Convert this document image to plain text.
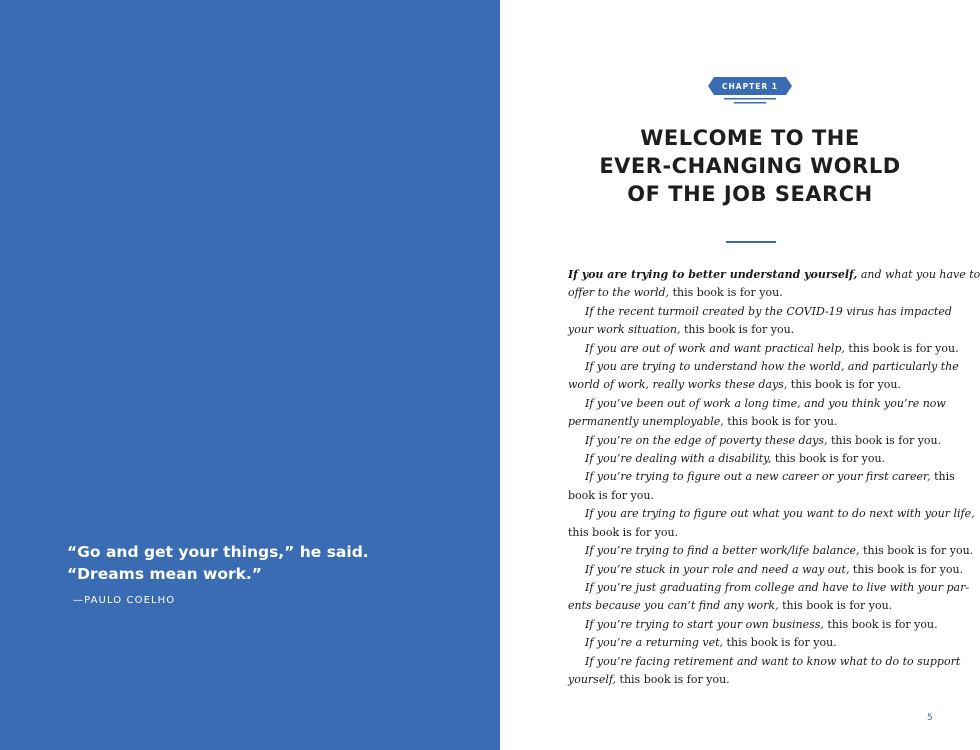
“Go and get your things,” he said.
“Dreams mean work.”
—PAULO COELHO
CHAPTER 1
WELCOME TO THE
EVER-CHANGING WORLD
OF THE JOB SEARCH
If you are trying to better understand yourself, and what you have to
offer to the world, this book is for you.
If the recent turmoil created by the COVID-19 virus has impacted
your work situation, this book is for you.
If you are out of work and want practical help, this book is for you.
If you are trying to understand how the world, and particularly the
world of work, really works these days, this book is for you.
If you’ve been out of work a long time, and you think you’re now
permanently unemployable, this book is for you.
If you’re on the edge of poverty these days, this book is for you.
If you’re dealing with a disability, this book is for you.
If you’re trying to figure out a new career or your first career, this
book is for you.
If you are trying to figure out what you want to do next with your life,
this book is for you.
If you’re trying to find a better work/life balance, this book is for you.
If you’re stuck in your role and need a way out, this book is for you.
If you’re just graduating from college and have to live with your par-
ents because you can’t find any work, this book is for you.
If you’re trying to start your own business, this book is for you.
If you’re a returning vet, this book is for you.
If you’re facing retirement and want to know what to do to support
yourself, this book is for you.
5
